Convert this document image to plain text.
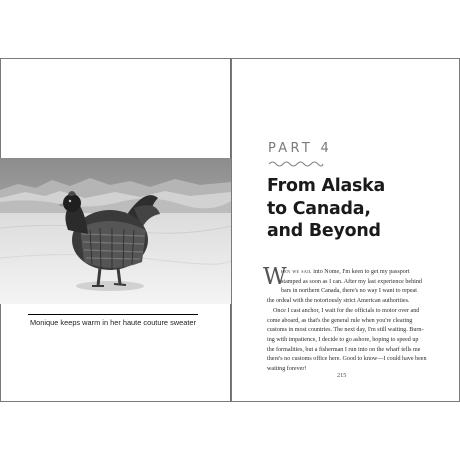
Monique keeps warm in her haute couture sweater
PART 4
From Alaska
to Canada,
and Beyond
W
hen we sail into Nome, I'm keen to get my passport
stamped as soon as I can. After my last experience behind
bars in northern Canada, there's no way I want to repeat
the ordeal with the notoriously strict American authorities.
Once I cast anchor, I wait for the officials to motor over and
come aboard, as that's the general rule when you're clearing
customs in most countries. The next day, I'm still waiting. Burn-
ing with impatience, I decide to go ashore, hoping to speed up
the formalities, but a fisherman I run into on the wharf tells me
there's no customs office here. Good to know—I could have been
waiting forever!
215
